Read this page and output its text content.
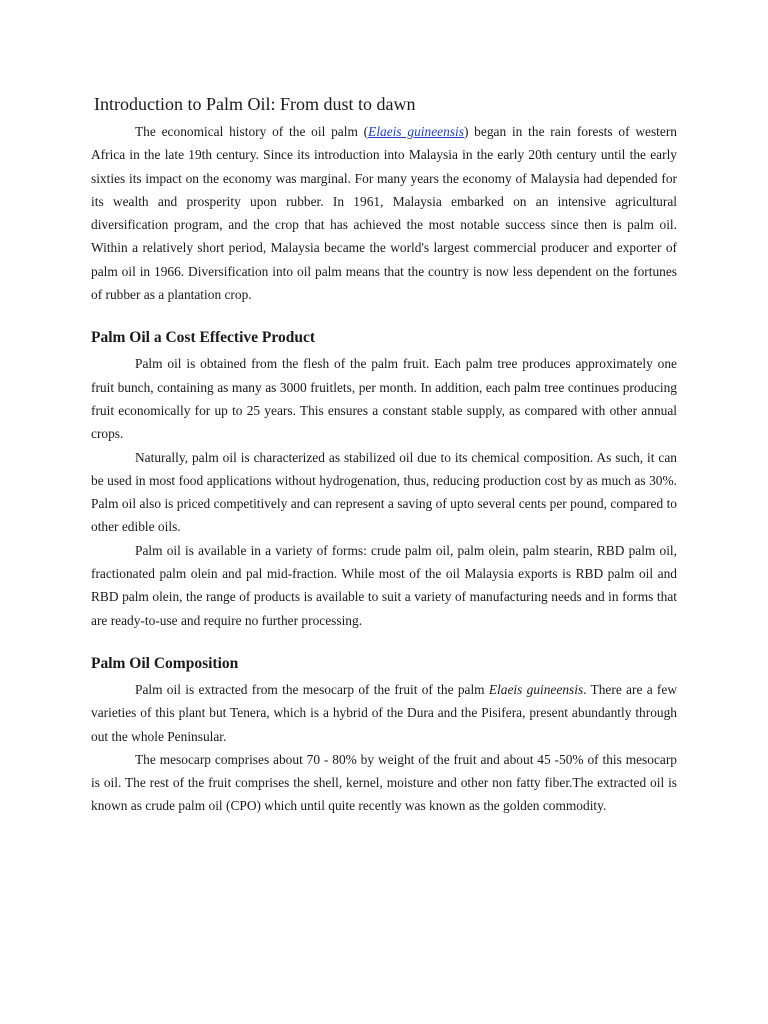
Introduction to Palm Oil: From dust to dawn

The economical history of the oil palm (Elaeis guineensis) began in the rain forests of western Africa in the late 19th century. Since its introduction into Malaysia in the early 20th century until the early sixties its impact on the economy was marginal. For many years the economy of Malaysia had depended for its wealth and prosperity upon rubber. In 1961, Malaysia embarked on an intensive agricultural diversification program, and the crop that has achieved the most notable success since then is palm oil. Within a relatively short period, Malaysia became the world's largest commercial producer and exporter of palm oil in 1966. Diversification into oil palm means that the country is now less dependent on the fortunes of rubber as a plantation crop.

Palm Oil a Cost Effective Product

Palm oil is obtained from the flesh of the palm fruit. Each palm tree produces approximately one fruit bunch, containing as many as 3000 fruitlets, per month. In addition, each palm tree continues producing fruit economically for up to 25 years. This ensures a constant stable supply, as compared with other annual crops.

Naturally, palm oil is characterized as stabilized oil due to its chemical composition. As such, it can be used in most food applications without hydrogenation, thus, reducing production cost by as much as 30%. Palm oil also is priced competitively and can represent a saving of upto several cents per pound, compared to other edible oils.

Palm oil is available in a variety of forms: crude palm oil, palm olein, palm stearin, RBD palm oil, fractionated palm olein and pal mid-fraction. While most of the oil Malaysia exports is RBD palm oil and RBD palm olein, the range of products is available to suit a variety of manufacturing needs and in forms that are ready-to-use and require no further processing.

Palm Oil Composition

Palm oil is extracted from the mesocarp of the fruit of the palm Elaeis guineensis. There are a few varieties of this plant but Tenera, which is a hybrid of the Dura and the Pisifera, present abundantly through out the whole Peninsular.

The mesocarp comprises about 70 - 80% by weight of the fruit and about 45 -50% of this mesocarp is oil. The rest of the fruit comprises the shell, kernel, moisture and other non fatty fiber.The extracted oil is known as crude palm oil (CPO) which until quite recently was known as the golden commodity.
